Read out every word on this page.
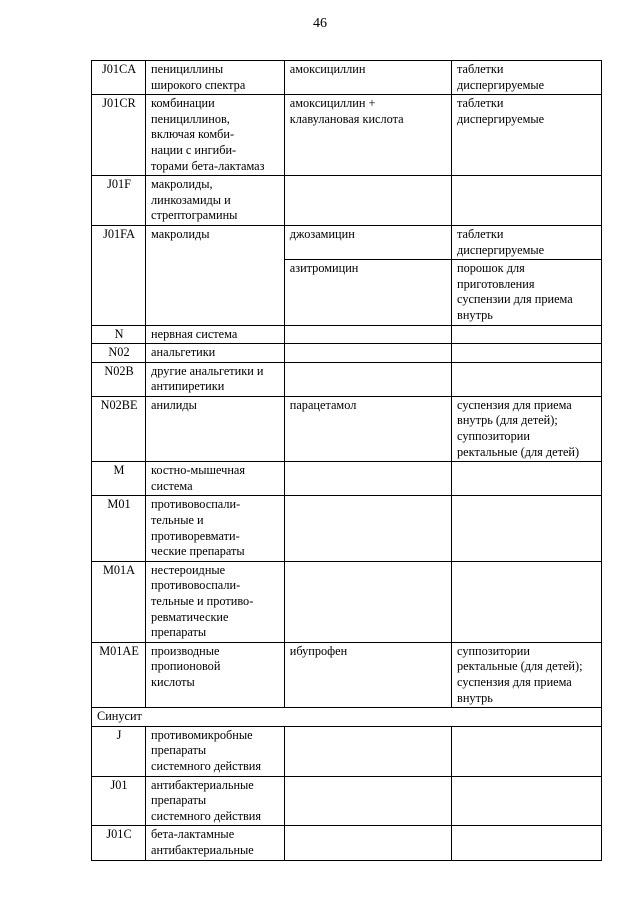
46
J01CA	пенициллины
широкого спектра	амоксициллин	таблетки
диспергируемые

J01CR	комбинации
пенициллинов,
включая комби-
нации с ингиби-
торами бета-лактамаз	амоксициллин +
клавулановая кислота	таблетки
диспергируемые

J01F	макролиды,
линкозамиды и
стрептограмины		

J01FA	макролиды	джозамицин	таблетки
диспергируемые

		азитромицин	порошок для
приготовления
суспензии для приема
внутрь

N	нервная система		

N02	анальгетики		

N02B	другие анальгетики и
антипиретики		

N02BE	анилиды	парацетамол	суспензия для приема
внутрь (для детей);
суппозитории
ректальные (для детей)

M	костно-мышечная
система		

M01	противовоспали-
тельные и
противоревмати-
ческие препараты		

M01A	нестероидные
противовоспали-
тельные и противо-
ревматические
препараты		

M01AE	производные
пропионовой
кислоты	ибупрофен	суппозитории
ректальные (для детей);
суспензия для приема
внутрь

Синусит			

J	противомикробные
препараты
системного действия		

J01	антибактериальные
препараты
системного действия		

J01C	бета-лактамные
антибактериальные		
